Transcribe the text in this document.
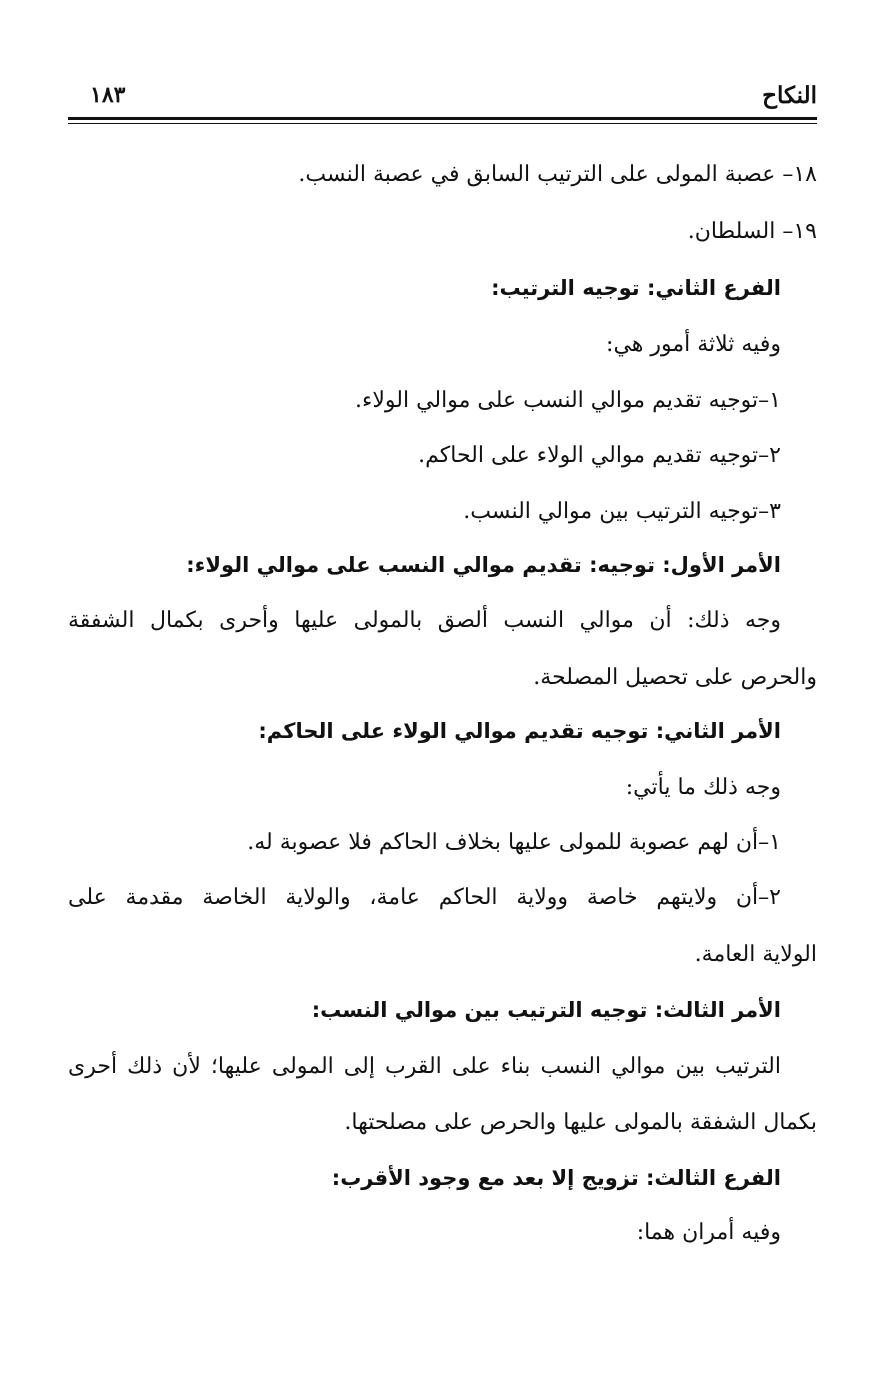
النكاح
١٨٣
١٨– عصبة المولى على الترتيب السابق في عصبة النسب.
١٩– السلطان.
الفرع الثاني: توجيه الترتيب:
وفيه ثلاثة أمور هي:
١–توجيه تقديم موالي النسب على موالي الولاء.
٢–توجيه تقديم موالي الولاء على الحاكم.
٣–توجيه الترتيب بين موالي النسب.
الأمر الأول: توجيه: تقديم موالي النسب على موالي الولاء:
وجه ذلك: أن موالي النسب ألصق بالمولى عليها وأحرى بكمال الشفقة
والحرص على تحصيل المصلحة.
الأمر الثاني: توجيه تقديم موالي الولاء على الحاكم:
وجه ذلك ما يأتي:
١–أن لهم عصوبة للمولى عليها بخلاف الحاكم فلا عصوبة له.
٢–أن ولايتهم خاصة وولاية الحاكم عامة، والولاية الخاصة مقدمة على
الولاية العامة.
الأمر الثالث: توجيه الترتيب بين موالي النسب:
الترتيب بين موالي النسب بناء على القرب إلى المولى عليها؛ لأن ذلك أحرى
بكمال الشفقة بالمولى عليها والحرص على مصلحتها.
الفرع الثالث: تزويج إلا بعد مع وجود الأقرب:
وفيه أمران هما:
